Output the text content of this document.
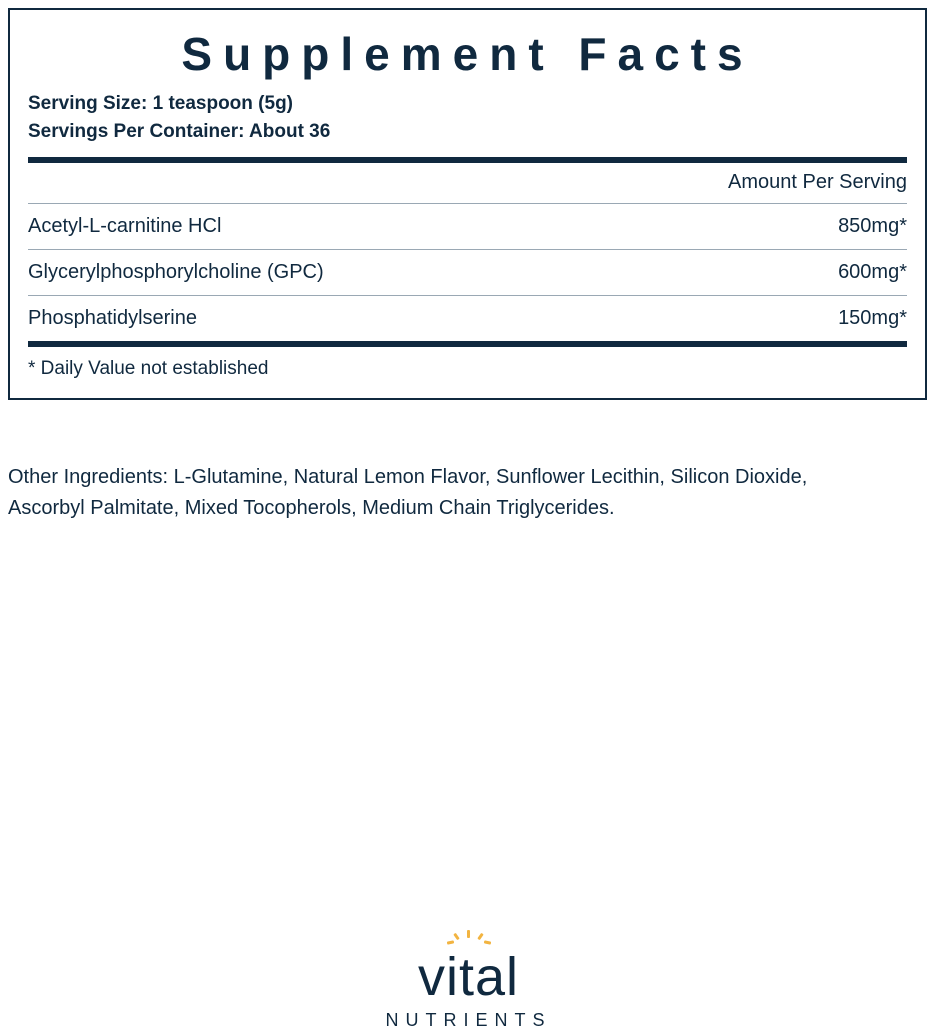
Supplement Facts
Serving Size: 1 teaspoon (5g)
Servings Per Container: About 36
Amount Per Serving
Acetyl-L-carnitine HCl	850mg*
Glycerylphosphorylcholine (GPC)	600mg*
Phosphatidylserine	150mg*
* Daily Value not established
Other Ingredients: L-Glutamine, Natural Lemon Flavor, Sunflower Lecithin, Silicon Dioxide,
Ascorbyl Palmitate, Mixed Tocopherols, Medium Chain Triglycerides.
vital
NUTRIENTS
